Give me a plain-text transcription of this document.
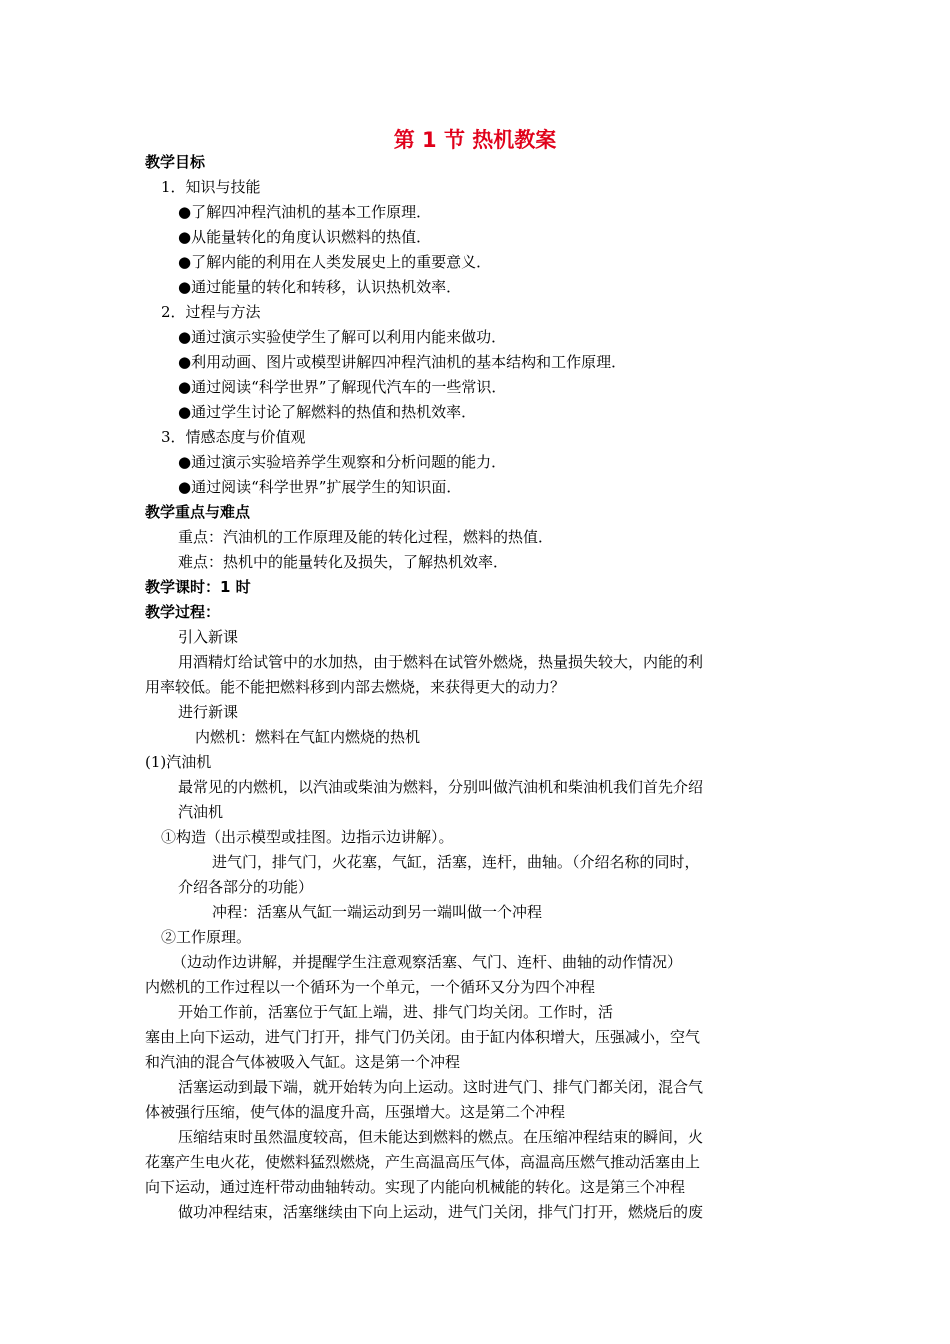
第 1 节 热机教案
教学目标
1．知识与技能
●了解四冲程汽油机的基本工作原理．
●从能量转化的角度认识燃料的热值．
●了解内能的利用在人类发展史上的重要意义．
●通过能量的转化和转移，认识热机效率．
2．过程与方法
●通过演示实验使学生了解可以利用内能来做功．
●利用动画、图片或模型讲解四冲程汽油机的基本结构和工作原理．
●通过阅读“科学世界”了解现代汽车的一些常识．
●通过学生讨论了解燃料的热值和热机效率．
3．情感态度与价值观
●通过演示实验培养学生观察和分析问题的能力．
●通过阅读“科学世界”扩展学生的知识面．
教学重点与难点
重点：汽油机的工作原理及能的转化过程，燃料的热值．
难点：热机中的能量转化及损失，了解热机效率．
教学课时：1 时
教学过程：
引入新课
用酒精灯给试管中的水加热，由于燃料在试管外燃烧，热量损失较大，内能的利
用率较低。能不能把燃料移到内部去燃烧，来获得更大的动力？
进行新课
内燃机：燃料在气缸内燃烧的热机
(1)汽油机
最常见的内燃机，以汽油或柴油为燃料，分别叫做汽油机和柴油机我们首先介绍
汽油机
①构造（出示模型或挂图。边指示边讲解）。
进气门，排气门，火花塞，气缸，活塞，连杆，曲轴。（介绍名称的同时，
介绍各部分的功能）
冲程：活塞从气缸一端运动到另一端叫做一个冲程
②工作原理。
（边动作边讲解，并提醒学生注意观察活塞、气门、连杆、曲轴的动作情况）
内燃机的工作过程以一个循环为一个单元，一个循环又分为四个冲程
开始工作前，活塞位于气缸上端，进、排气门均关闭。工作时，活
塞由上向下运动，进气门打开，排气门仍关闭。由于缸内体积增大，压强减小，空气
和汽油的混合气体被吸入气缸。这是第一个冲程
活塞运动到最下端，就开始转为向上运动。这时进气门、排气门都关闭，混合气
体被强行压缩，使气体的温度升高，压强增大。这是第二个冲程
压缩结束时虽然温度较高，但未能达到燃料的燃点。在压缩冲程结束的瞬间，火
花塞产生电火花，使燃料猛烈燃烧，产生高温高压气体，高温高压燃气推动活塞由上
向下运动，通过连杆带动曲轴转动。实现了内能向机械能的转化。这是第三个冲程
做功冲程结束，活塞继续由下向上运动，进气门关闭，排气门打开，燃烧后的废
